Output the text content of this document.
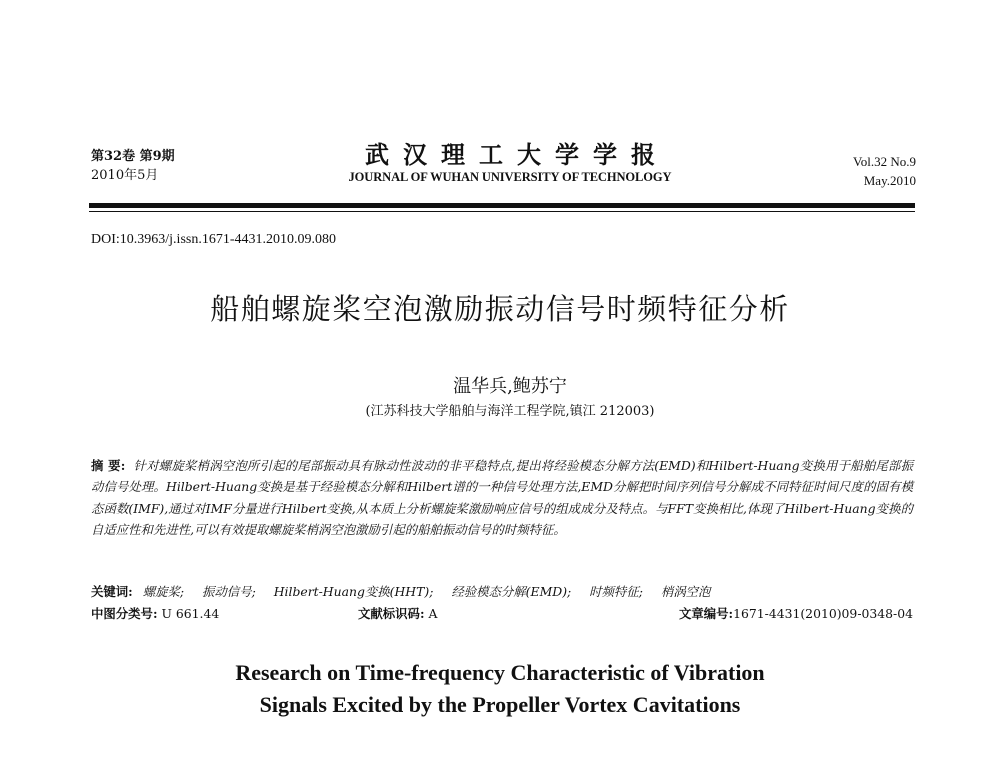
第32卷 第9期
2010年5月
武汉理工大学学报
JOURNAL OF WUHAN UNIVERSITY OF TECHNOLOGY
Vol.32 No.9
May.2010
DOI:10.3963/j.issn.1671-4431.2010.09.080
船舶螺旋桨空泡激励振动信号时频特征分析
温华兵,鲍苏宁
(江苏科技大学船舶与海洋工程学院,镇江 212003)
摘 要: 针对螺旋桨梢涡空泡所引起的尾部振动具有脉动性波动的非平稳特点,提出将经验模态分解方法(EMD)和Hilbert-Huang变换用于船舶尾部振动信号处理。Hilbert-Huang变换是基于经验模态分解和Hilbert谱的一种信号处理方法,EMD分解把时间序列信号分解成不同特征时间尺度的固有模态函数(IMF),通过对IMF分量进行Hilbert变换,从本质上分析螺旋桨激励响应信号的组成成分及特点。与FFT变换相比,体现了Hilbert-Huang变换的自适应性和先进性,可以有效提取螺旋桨梢涡空泡激励引起的船舶振动信号的时频特征。
关键词: 螺旋桨; 振动信号; Hilbert-Huang变换(HHT); 经验模态分解(EMD); 时频特征; 梢涡空泡
中图分类号: U 661.44	文献标识码: A	文章编号:1671-4431(2010)09-0348-04
Research on Time-frequency Characteristic of Vibration
Signals Excited by the Propeller Vortex Cavitations
